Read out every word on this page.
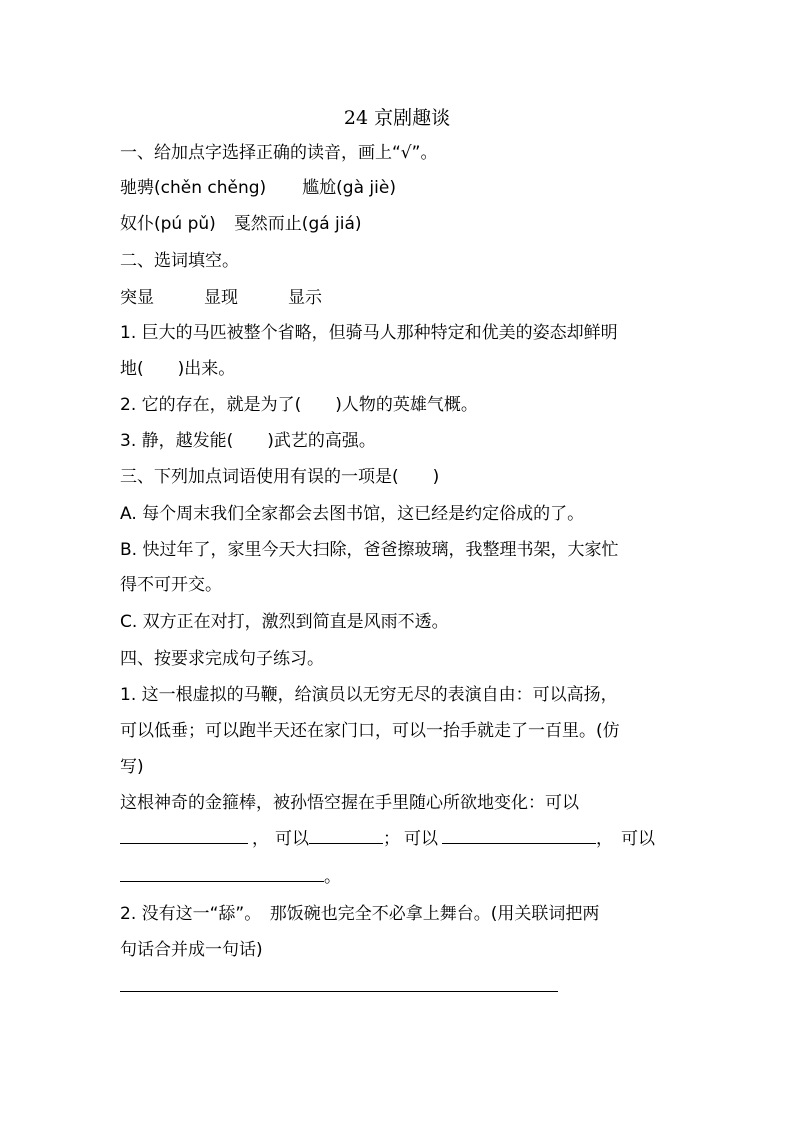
24 京剧趣谈
一、给加点字选择正确的读音，画上“√”。
驰骋(chěn chěng) 尴尬(gà jiè)
奴仆(pú pǔ) 戛然而止(gá jiá)
二、选词填空。
突显	显现	显示
1. 巨大的马匹被整个省略，但骑马人那种特定和优美的姿态却鲜明
地(　　)出来。
2. 它的存在，就是为了(　　)人物的英雄气概。
3. 静，越发能(　　)武艺的高强。
三、下列加点词语使用有误的一项是(　　)
A. 每个周末我们全家都会去图书馆，这已经是约定俗成的了。
B. 快过年了，家里今天大扫除，爸爸擦玻璃，我整理书架，大家忙
得不可开交。
C. 双方正在对打，激烈到简直是风雨不透。
四、按要求完成句子练习。
1. 这一根虚拟的马鞭，给演员以无穷无尽的表演自由：可以高扬，
可以低垂；可以跑半天还在家门口，可以一抬手就走了一百里。(仿
写)
这根神奇的金箍棒，被孙悟空握在手里随心所欲地变化：可以
， 可以	； 可以	， 可以
。
2. 没有这一“舔”。　那饭碗也完全不必拿上舞台。(用关联词把两
句话合并成一句话)
